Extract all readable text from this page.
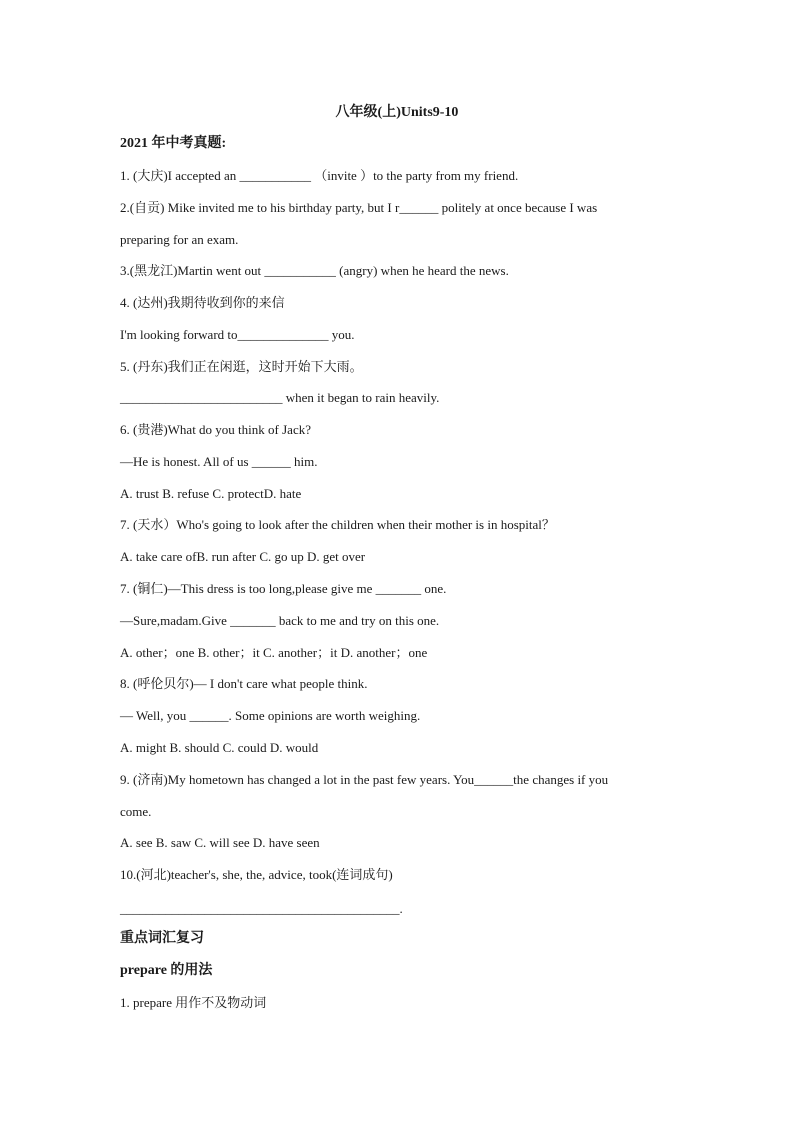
八年级(上)Units9-10
2021 年中考真题:
1. (大庆)I accepted an ___________ （invite ）to the party from my friend.
2.(自贡) Mike invited me to his birthday party, but I r______ politely at once because I was
preparing for an exam.
3.(黑龙江)Martin went out ___________ (angry) when he heard the news.
4. (达州)我期待收到你的来信
I'm looking forward to______________ you.
5. (丹东)我们正在闲逛，这时开始下大雨。
_________________________ when it began to rain heavily.
6. (贵港)What do you think of Jack?
—He is honest. All of us ______ him.
A. trust B. refuse C. protectD. hate
7. (天水）Who's going to look after the children when their mother is in hospital？
A. take care ofB. run after C. go up D. get over
7. (铜仁)—This dress is too long,please give me _______ one.
—Sure,madam.Give _______ back to me and try on this one.
A. other；one B. other；it C. another；it D. another；one
8. (呼伦贝尔)— I don't care what people think.
— Well, you ______. Some opinions are worth weighing.
A. might B. should C. could D. would
9. (济南)My hometown has changed a lot in the past few years. You______the changes if you
come.
A. see B. saw C. will see D. have seen
10.(河北)teacher's, she, the, advice, took(连词成句)
___________________________________________.
重点词汇复习
prepare 的用法
1. prepare 用作不及物动词
